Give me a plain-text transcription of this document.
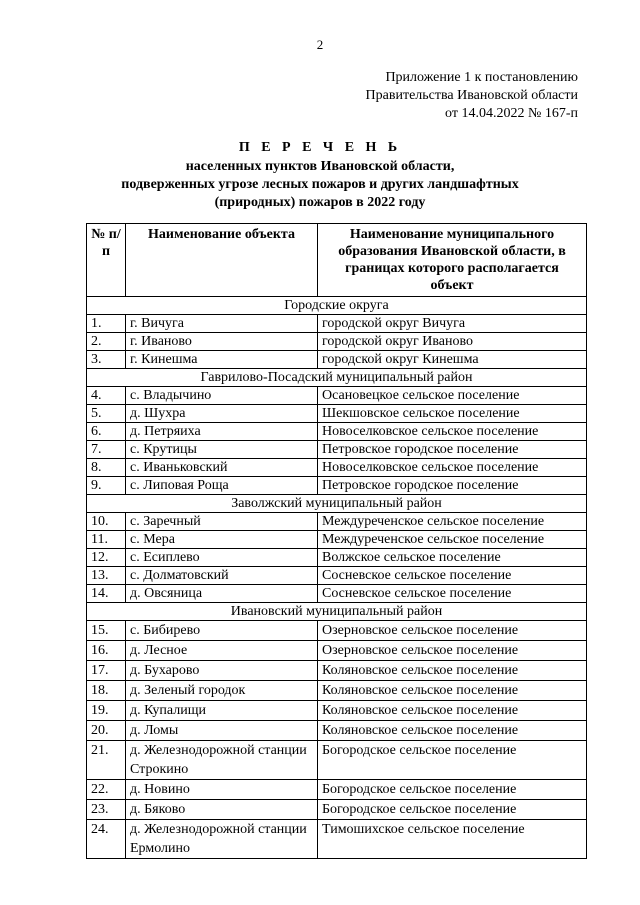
2
Приложение 1 к постановлению
Правительства Ивановской области
от 14.04.2022 № 167-п
П Е Р Е Ч Е Н Ь
населенных пунктов Ивановской области,
подверженных угрозе лесных пожаров и других ландшафтных
(природных) пожаров в 2022 году
№ п/п	Наименование объекта	Наименование муниципального образования Ивановской области, в границах которого располагается объект
Городские округа		
1.	г. Вичуга	городской округ Вичуга
2.	г. Иваново	городской округ Иваново
3.	г. Кинешма	городской округ Кинешма
Гаврилово-Посадский муниципальный район		
4.	с. Владычино	Осановецкое сельское поселение
5.	д. Шухра	Шекшовское сельское поселение
6.	д. Петряиха	Новоселковское сельское поселение
7.	с. Крутицы	Петровское городское поселение
8.	с. Иваньковский	Новоселковское сельское поселение
9.	с. Липовая Роща	Петровское городское поселение
Заволжский муниципальный район		
10.	с. Заречный	Междуреченское сельское поселение
11.	с. Мера	Междуреченское сельское поселение
12.	с. Есиплево	Волжское сельское поселение
13.	с. Долматовский	Сосневское сельское поселение
14.	д. Овсяница	Сосневское сельское поселение
Ивановский муниципальный район		
15.	с. Бибирево	Озерновское сельское поселение
16.	д. Лесное	Озерновское сельское поселение
17.	д. Бухарово	Коляновское сельское поселение
18.	д. Зеленый городок	Коляновское сельское поселение
19.	д. Купалищи	Коляновское сельское поселение
20.	д. Ломы	Коляновское сельское поселение
21.	д. Железнодорожной станции Строкино	Богородское сельское поселение
22.	д. Новино	Богородское сельское поселение
23.	д. Бяково	Богородское сельское поселение
24.	д. Железнодорожной станции Ермолино	Тимошихское сельское поселение
